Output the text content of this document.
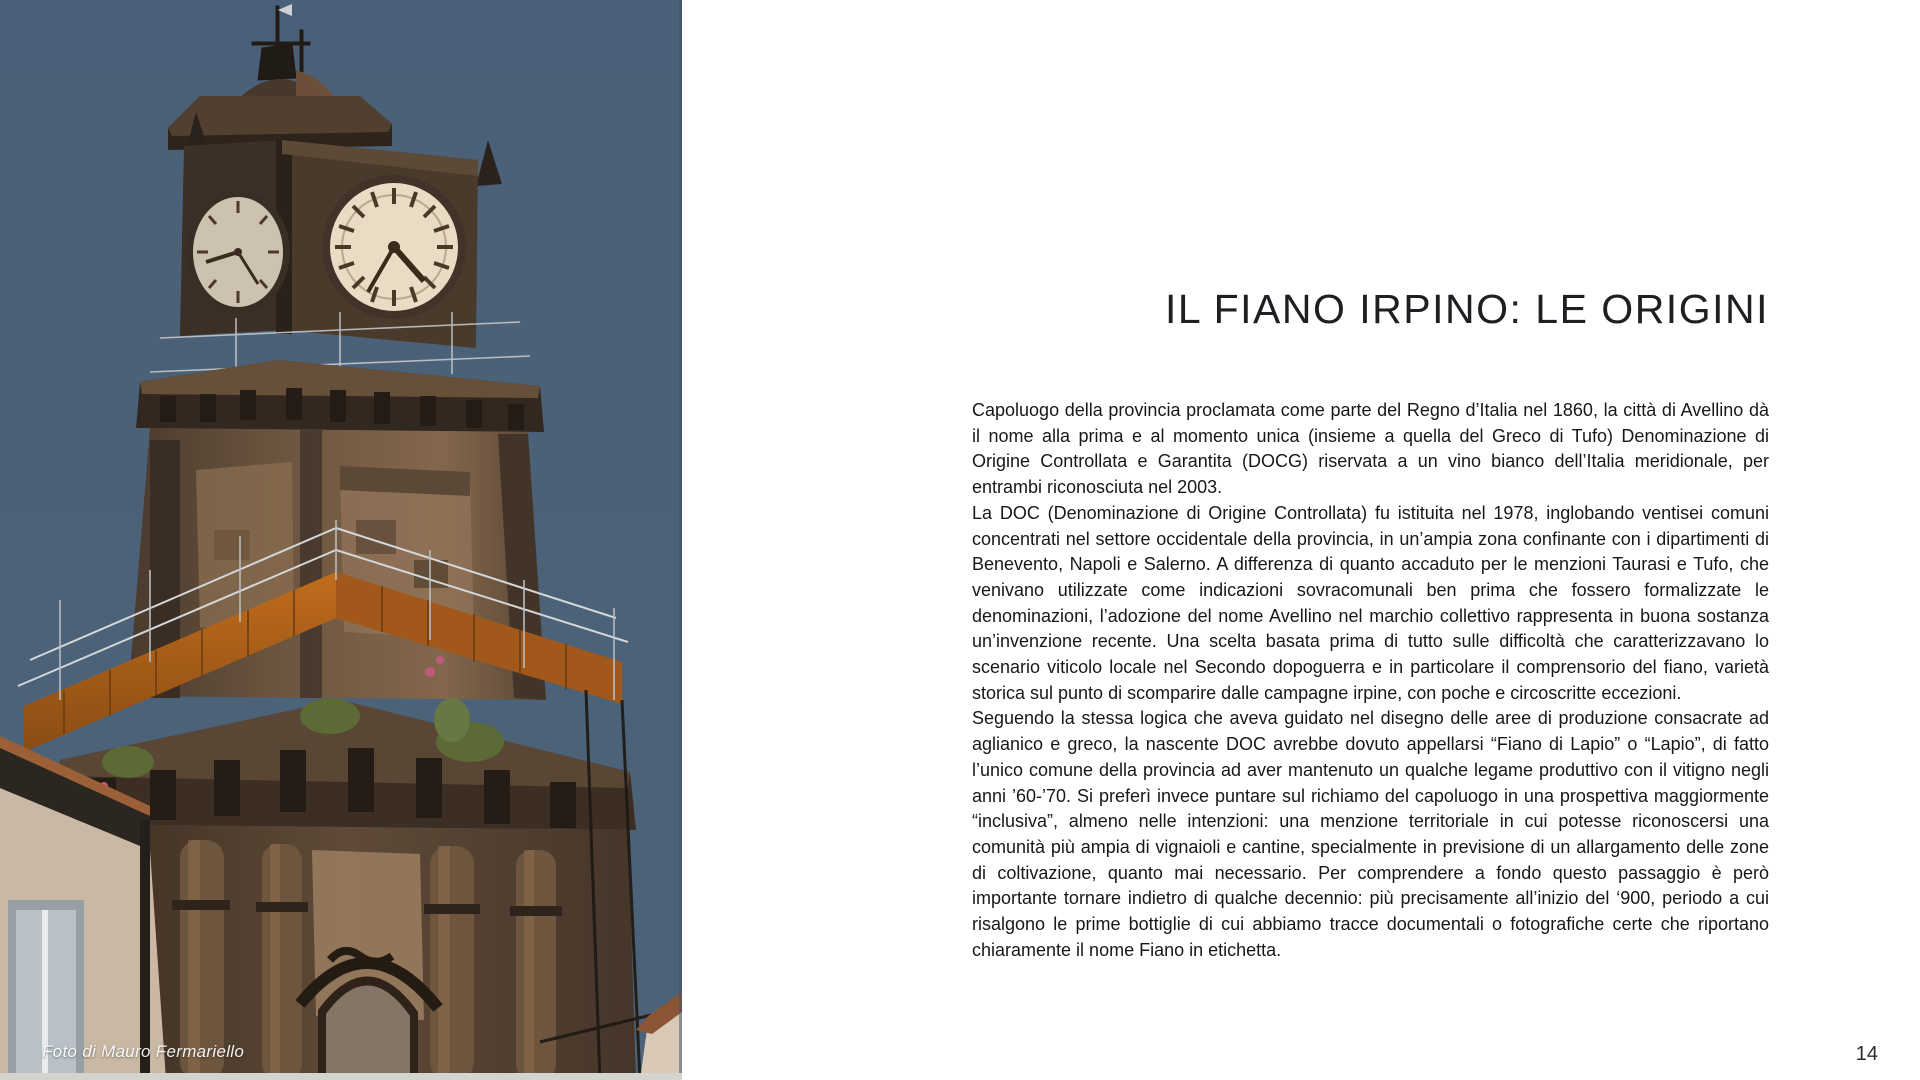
Foto di Mauro Fermariello
IL FIANO IRPINO: LE ORIGINI

Capoluogo della provincia proclamata come parte del Regno d’Italia nel 1860, la città di Avellino dà il nome alla prima e al momento unica (insieme a quella del Greco di Tufo) Denominazione di Origine Controllata e Garantita (DOCG) riservata a un vino bianco dell’Italia meridionale, per entrambi riconosciuta nel 2003.

La DOC (Denominazione di Origine Controllata) fu istituita nel 1978, inglobando ventisei comuni concentrati nel settore occidentale della provincia, in un’ampia zona confinante con i dipartimenti di Benevento, Napoli e Salerno. A differenza di quanto accaduto per le menzioni Taurasi e Tufo, che venivano utilizzate come indicazioni sovracomunali ben prima che fossero formalizzate le denominazioni, l’adozione del nome Avellino nel marchio collettivo rappresenta in buona sostanza un’invenzione recente. Una scelta basata prima di tutto sulle difficoltà che caratterizzavano lo scenario viticolo locale nel Secondo dopoguerra e in particolare il comprensorio del fiano, varietà storica sul punto di scomparire dalle campagne irpine, con poche e circoscritte eccezioni.

Seguendo la stessa logica che aveva guidato nel disegno delle aree di produzione consacrate ad aglianico e greco, la nascente DOC avrebbe dovuto appellarsi “Fiano di Lapio” o “Lapio”, di fatto l’unico comune della provincia ad aver mantenuto un qualche legame produttivo con il vitigno negli anni ’60-’70. Si preferì invece puntare sul richiamo del capoluogo in una prospettiva maggiormente “inclusiva”, almeno nelle intenzioni: una menzione territoriale in cui potesse riconoscersi una comunità più ampia di vignaioli e cantine, specialmente in previsione di un allargamento delle zone di coltivazione, quanto mai necessario. Per comprendere a fondo questo passaggio è però importante tornare indietro di qualche decennio: più precisamente all’inizio del ‘900, periodo a cui risalgono le prime bottiglie di cui abbiamo tracce documentali o fotografiche certe che riportano chiaramente il nome Fiano in etichetta.

14
